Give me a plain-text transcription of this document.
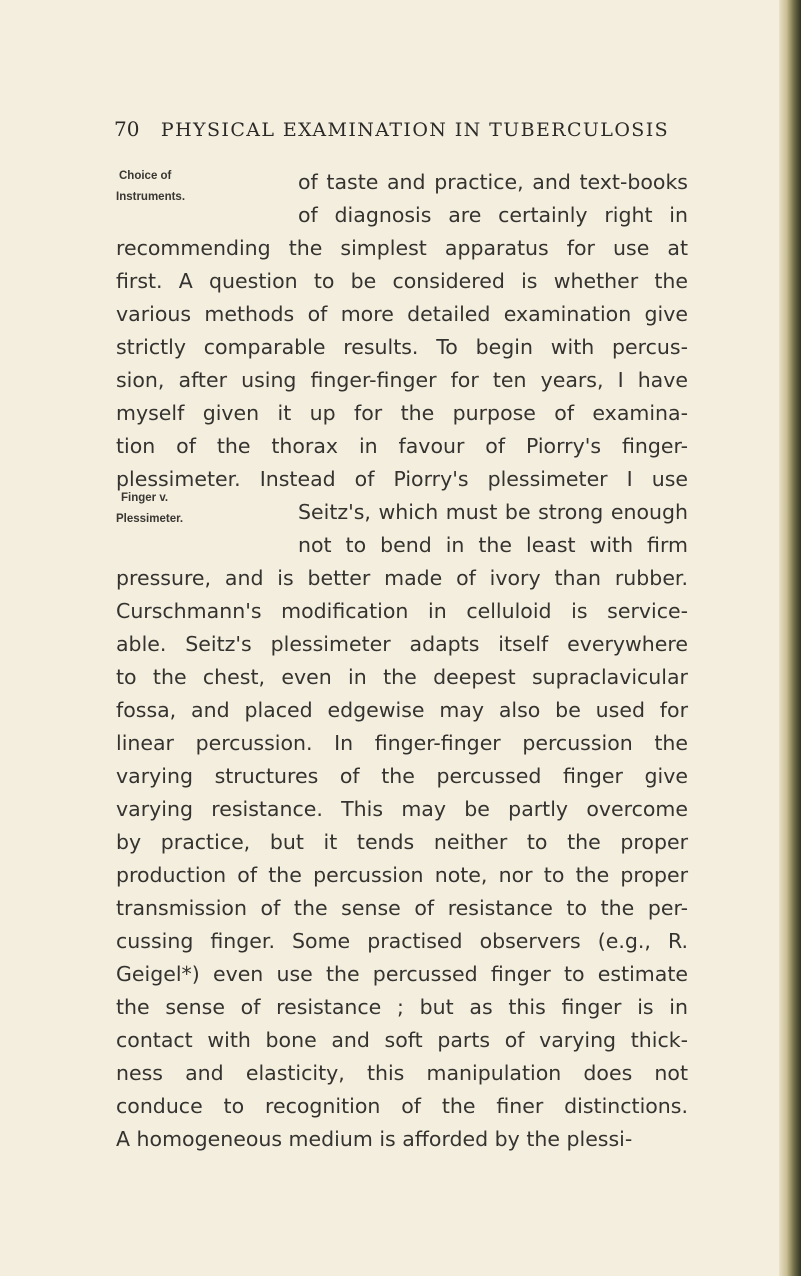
70 PHYSICAL EXAMINATION IN TUBERCULOSIS
Choice of
Instruments.
Finger v.
Plessimeter.
of taste and practice, and text-books
of diagnosis are certainly right in
recommending the simplest apparatus for use at
first. A question to be considered is whether the
various methods of more detailed examination give
strictly comparable results. To begin with percus-
sion, after using finger-finger for ten years, I have
myself given it up for the purpose of examina-
tion of the thorax in favour of Piorry's finger-
plessimeter. Instead of Piorry's plessimeter I use
Seitz's, which must be strong enough
not to bend in the least with firm
pressure, and is better made of ivory than rubber.
Curschmann's modification in celluloid is service-
able. Seitz's plessimeter adapts itself everywhere
to the chest, even in the deepest supraclavicular
fossa, and placed edgewise may also be used for
linear percussion. In finger-finger percussion the
varying structures of the percussed finger give
varying resistance. This may be partly overcome
by practice, but it tends neither to the proper
production of the percussion note, nor to the proper
transmission of the sense of resistance to the per-
cussing finger. Some practised observers (e.g., R.
Geigel*) even use the percussed finger to estimate
the sense of resistance ; but as this finger is in
contact with bone and soft parts of varying thick-
ness and elasticity, this manipulation does not
conduce to recognition of the finer distinctions.
A homogeneous medium is afforded by the plessi-
